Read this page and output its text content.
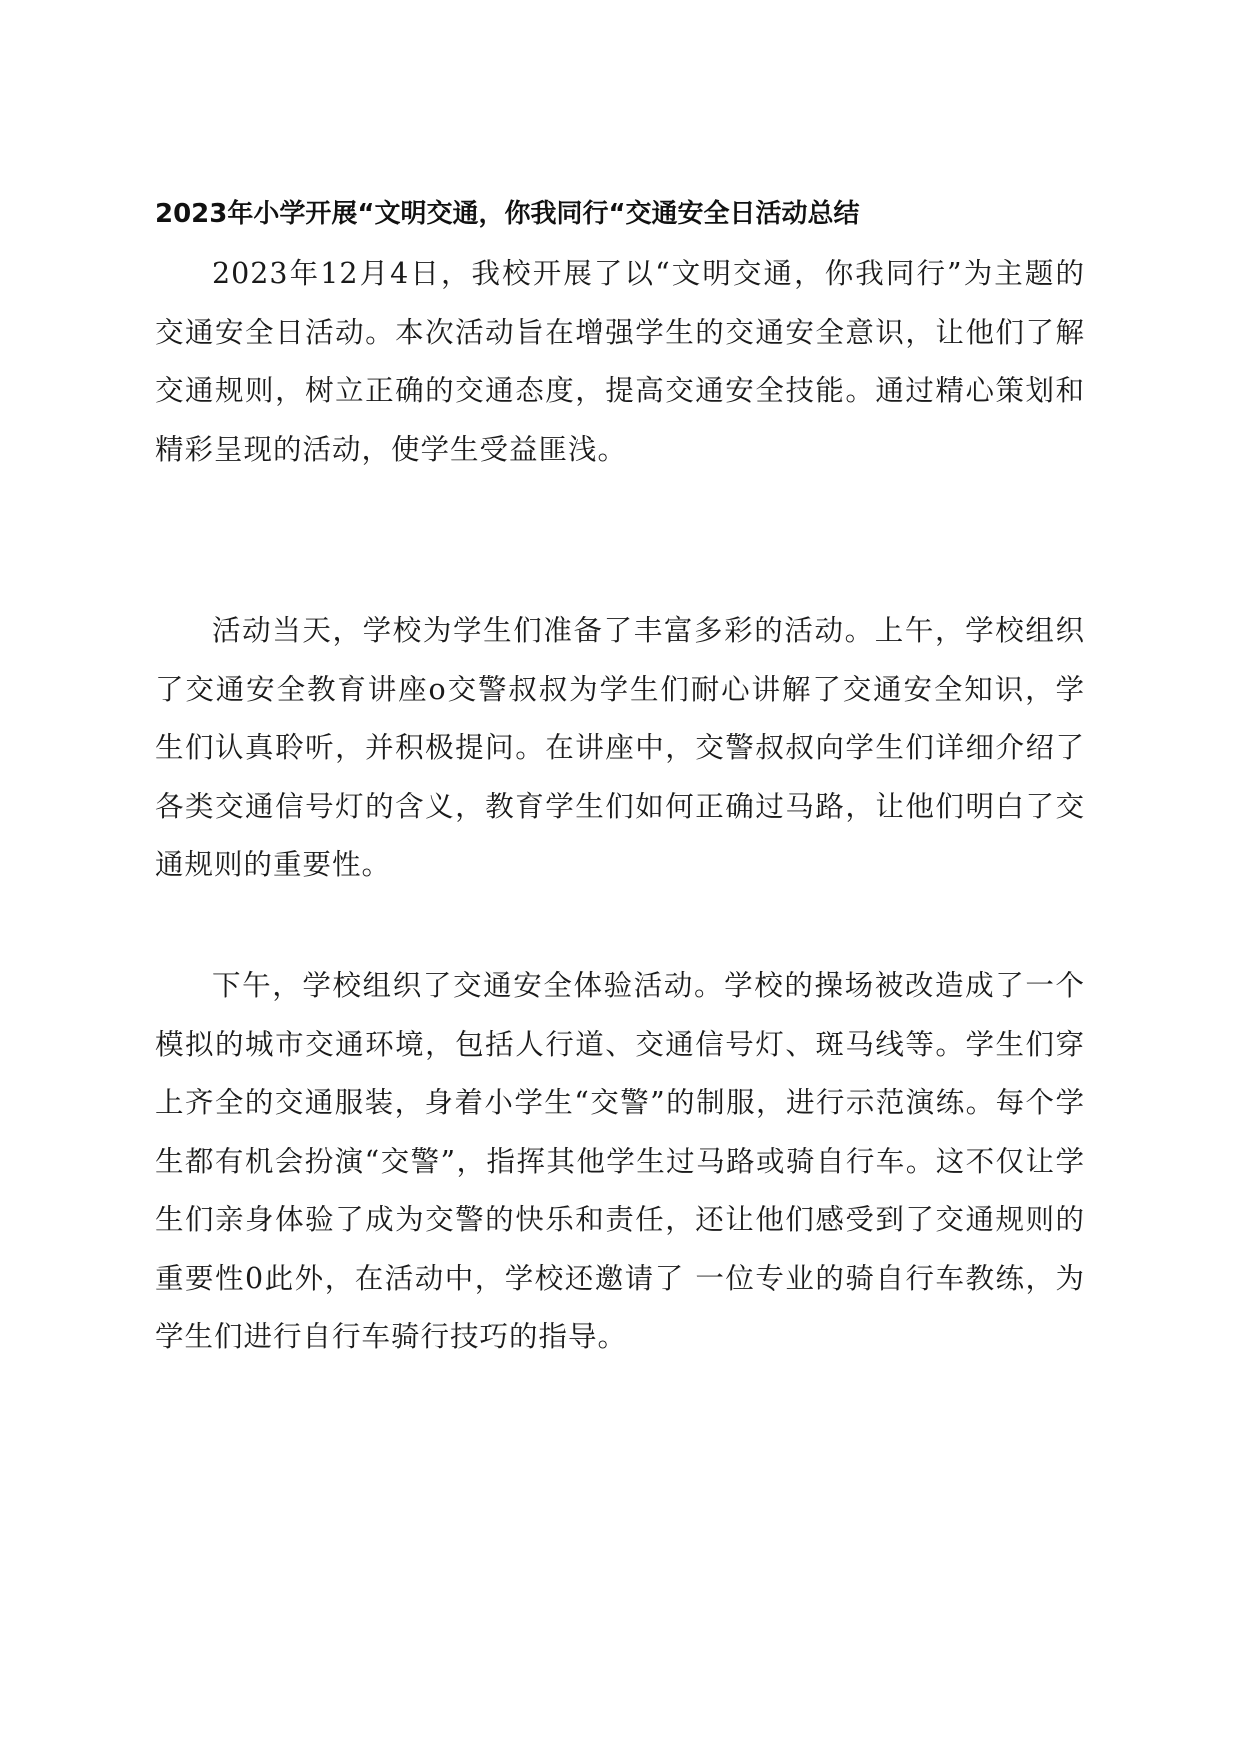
2023年小学开展“文明交通，你我同行“交通安全日活动总结

2023年12月4日，我校开展了以“文明交通，你我同行”为主题的交通安全日活动。本次活动旨在增强学生的交通安全意识，让他们了解交通规则，树立正确的交通态度，提高交通安全技能。通过精心策划和精彩呈现的活动，使学生受益匪浅。

活动当天，学校为学生们准备了丰富多彩的活动。上午，学校组织了交通安全教育讲座o交警叔叔为学生们耐心讲解了交通安全知识，学生们认真聆听，并积极提问。在讲座中，交警叔叔向学生们详细介绍了各类交通信号灯的含义，教育学生们如何正确过马路，让他们明白了交通规则的重要性。

下午，学校组织了交通安全体验活动。学校的操场被改造成了一个模拟的城市交通环境，包括人行道、交通信号灯、斑马线等。学生们穿上齐全的交通服装，身着小学生“交警”的制服，进行示范演练。每个学生都有机会扮演“交警”，指挥其他学生过马路或骑自行车。这不仅让学生们亲身体验了成为交警的快乐和责任，还让他们感受到了交通规则的重要性0此外，在活动中，学校还邀请了 一位专业的骑自行车教练，为学生们进行自行车骑行技巧的指导。
